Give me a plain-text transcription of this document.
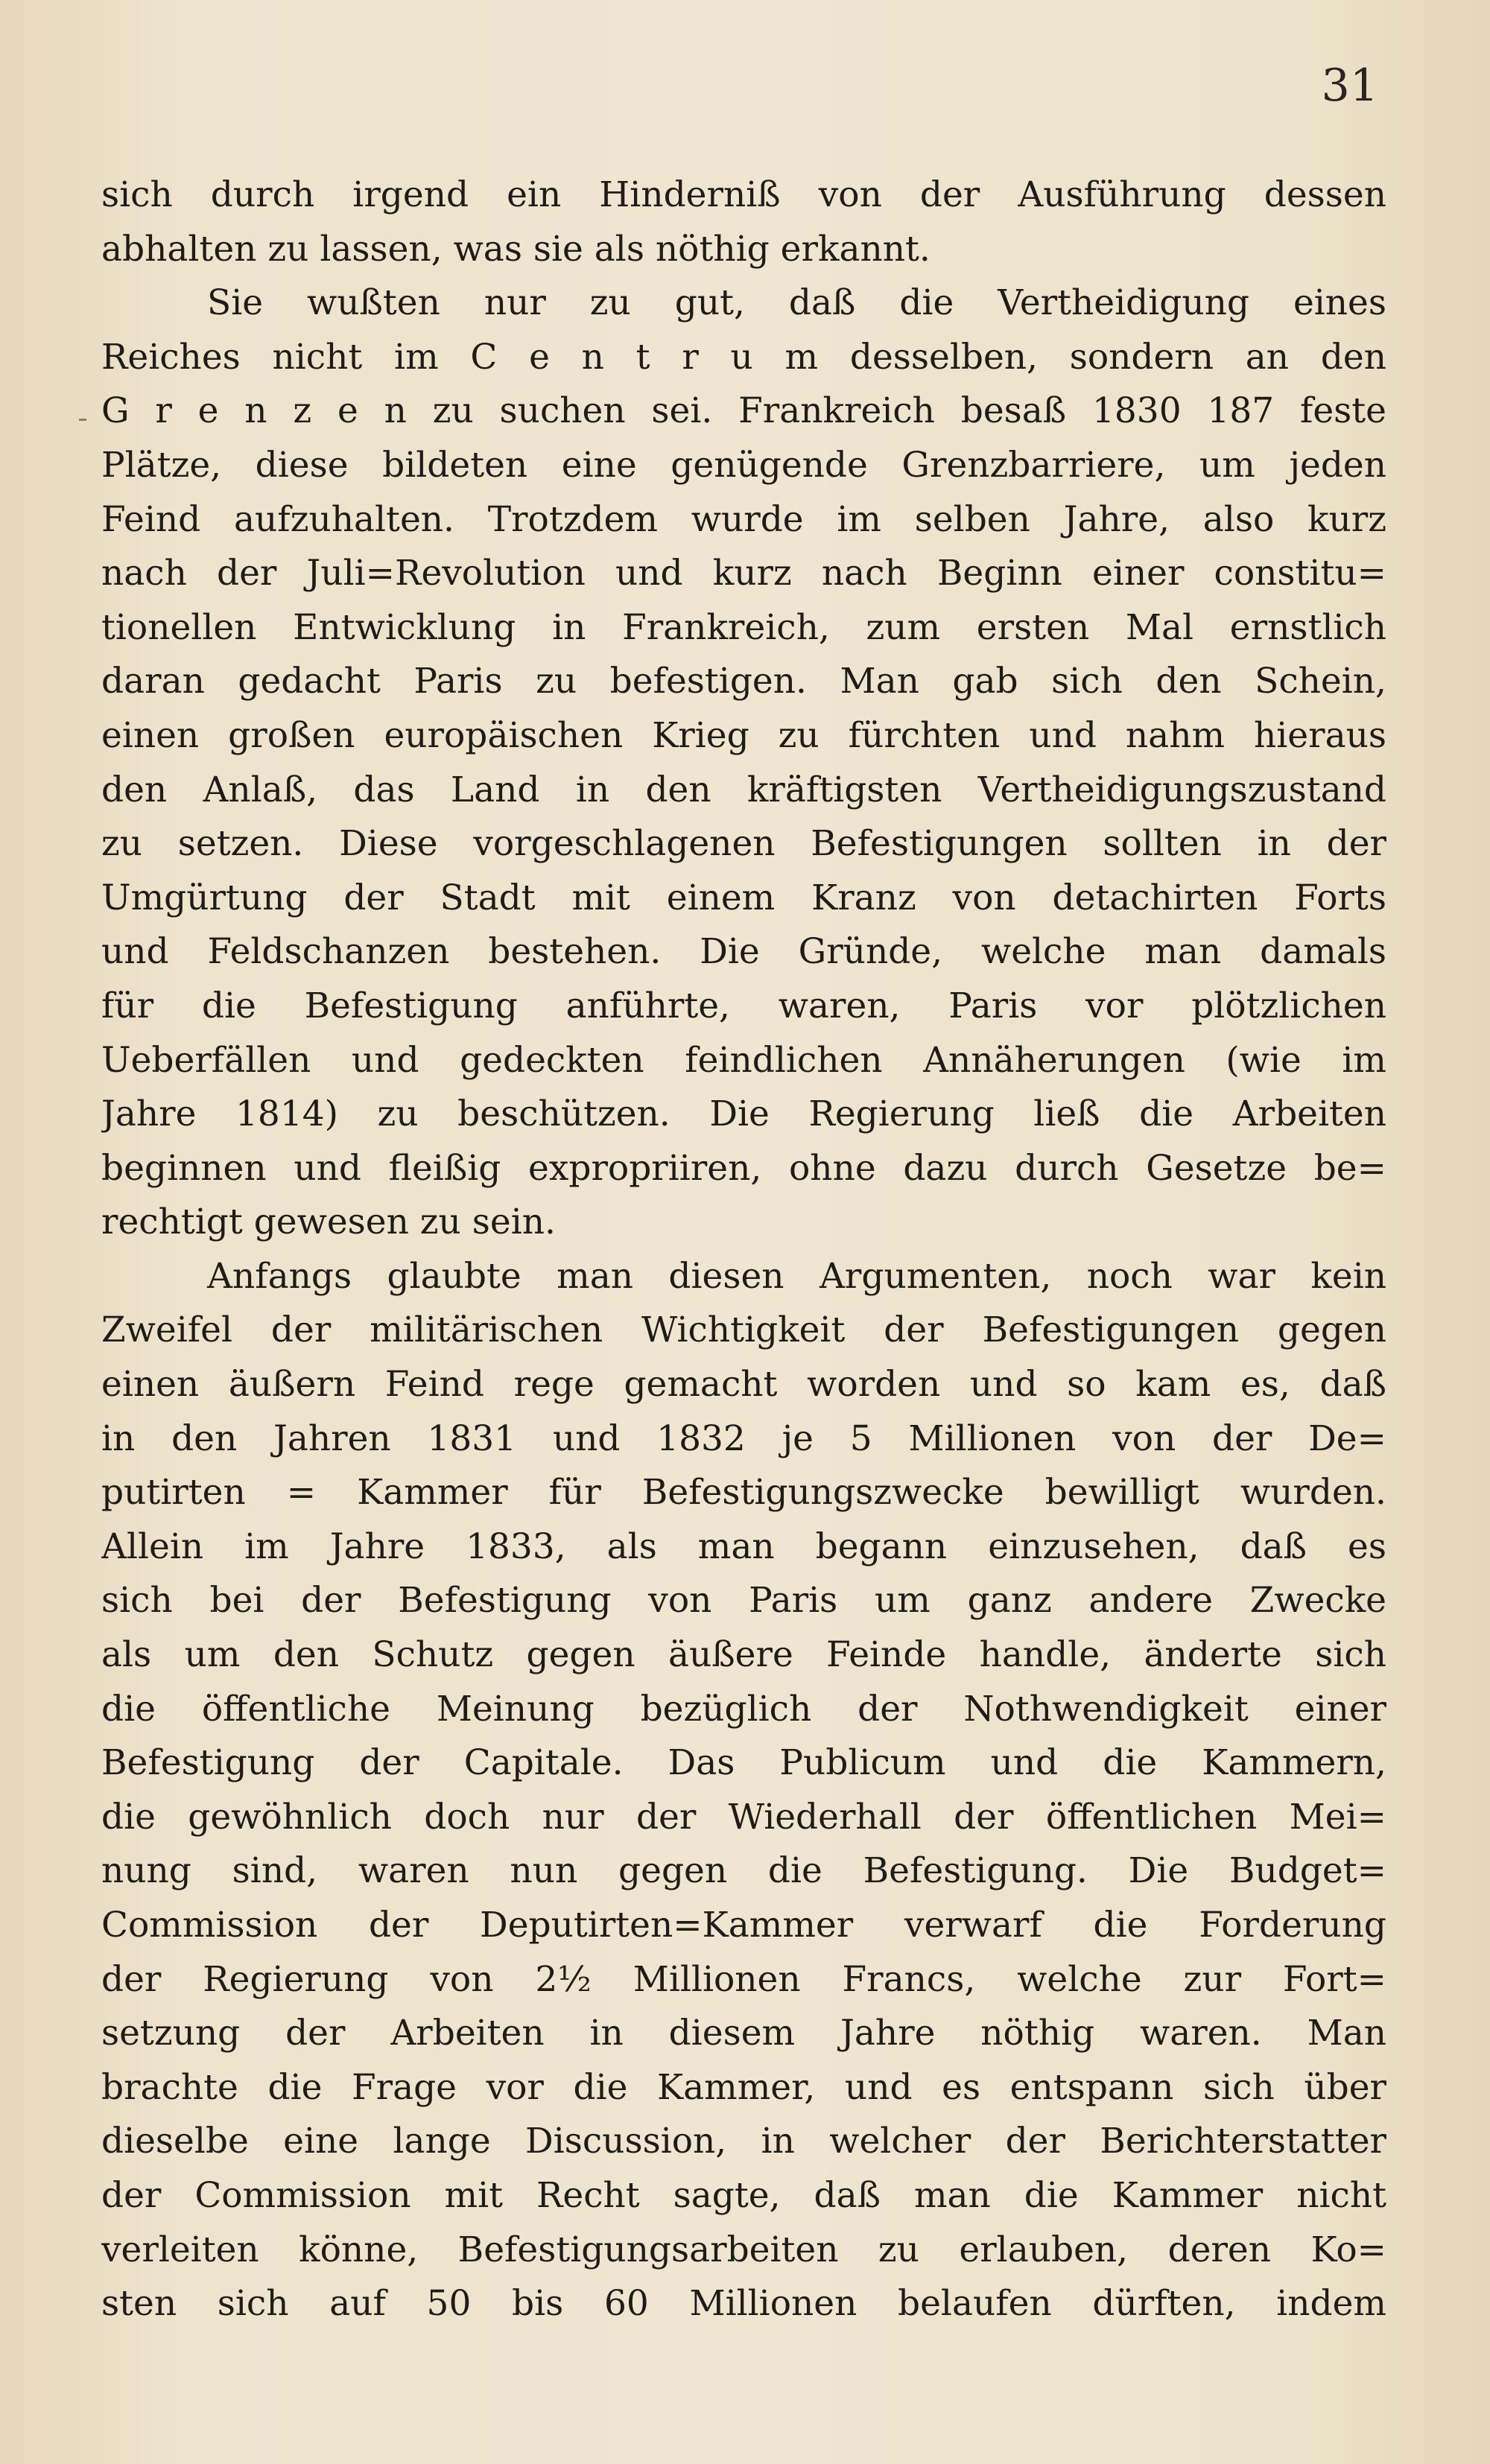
31
sich durch irgend ein Hinderniß von der Ausführung dessen
abhalten zu lassen, was sie als nöthig erkannt.
Sie wußten nur zu gut, daß die Vertheidigung eines
Reiches nicht im C e n t r u m desselben, sondern an den
G r e n z e n zu suchen sei. Frankreich besaß 1830 187 feste
Plätze, diese bildeten eine genügende Grenzbarriere, um jeden
Feind aufzuhalten. Trotzdem wurde im selben Jahre, also kurz
nach der Juli=Revolution und kurz nach Beginn einer constitu=
tionellen Entwicklung in Frankreich, zum ersten Mal ernstlich
daran gedacht Paris zu befestigen. Man gab sich den Schein,
einen großen europäischen Krieg zu fürchten und nahm hieraus
den Anlaß, das Land in den kräftigsten Vertheidigungszustand
zu setzen. Diese vorgeschlagenen Befestigungen sollten in der
Umgürtung der Stadt mit einem Kranz von detachirten Forts
und Feldschanzen bestehen. Die Gründe, welche man damals
für die Befestigung anführte, waren, Paris vor plötzlichen
Ueberfällen und gedeckten feindlichen Annäherungen (wie im
Jahre 1814) zu beschützen. Die Regierung ließ die Arbeiten
beginnen und fleißig expropriiren, ohne dazu durch Gesetze be=
rechtigt gewesen zu sein.
Anfangs glaubte man diesen Argumenten, noch war kein
Zweifel der militärischen Wichtigkeit der Befestigungen gegen
einen äußern Feind rege gemacht worden und so kam es, daß
in den Jahren 1831 und 1832 je 5 Millionen von der De=
putirten = Kammer für Befestigungszwecke bewilligt wurden.
Allein im Jahre 1833, als man begann einzusehen, daß es
sich bei der Befestigung von Paris um ganz andere Zwecke
als um den Schutz gegen äußere Feinde handle, änderte sich
die öffentliche Meinung bezüglich der Nothwendigkeit einer
Befestigung der Capitale. Das Publicum und die Kammern,
die gewöhnlich doch nur der Wiederhall der öffentlichen Mei=
nung sind, waren nun gegen die Befestigung. Die Budget=
Commission der Deputirten=Kammer verwarf die Forderung
der Regierung von 2½ Millionen Francs, welche zur Fort=
setzung der Arbeiten in diesem Jahre nöthig waren. Man
brachte die Frage vor die Kammer, und es entspann sich über
dieselbe eine lange Discussion, in welcher der Berichterstatter
der Commission mit Recht sagte, daß man die Kammer nicht
verleiten könne, Befestigungsarbeiten zu erlauben, deren Ko=
sten sich auf 50 bis 60 Millionen belaufen dürften, indem
